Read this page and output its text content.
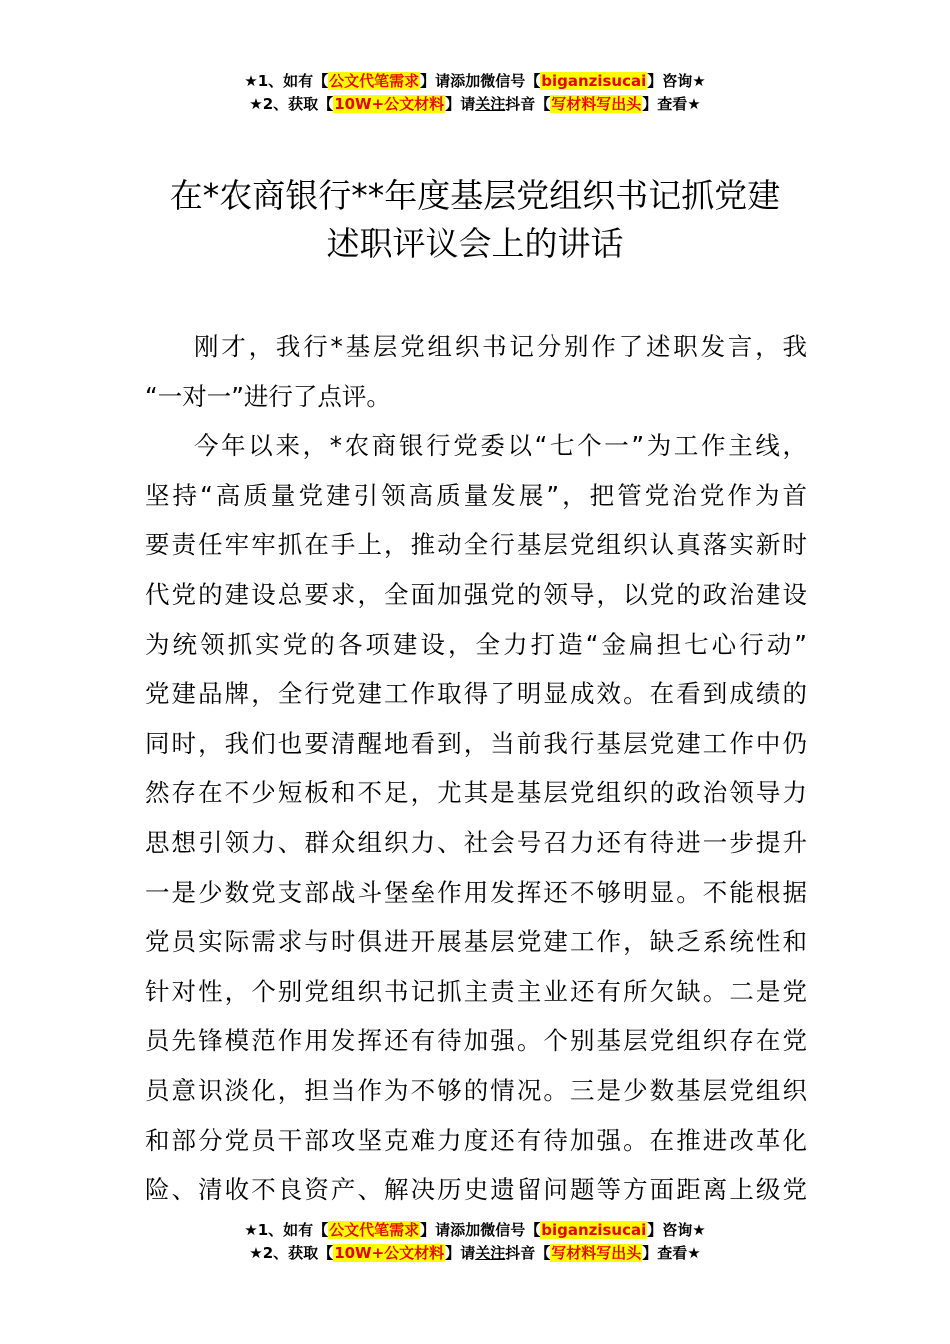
★1、如有【公文代笔需求】请添加微信号【biganzisucai】咨询★
★2、获取【10W+公文材料】请关注抖音【写材料写出头】查看★
在*农商银行**年度基层党组织书记抓党建
述职评议会上的讲话
刚才，我行*基层党组织书记分别作了述职发言，我
“一对一”进行了点评。
今年以来，*农商银行党委以“七个一”为工作主线，
坚持“高质量党建引领高质量发展”，把管党治党作为首
要责任牢牢抓在手上，推动全行基层党组织认真落实新时
代党的建设总要求，全面加强党的领导，以党的政治建设
为统领抓实党的各项建设，全力打造“金扁担七心行动”
党建品牌，全行党建工作取得了明显成效。在看到成绩的
同时，我们也要清醒地看到，当前我行基层党建工作中仍
然存在不少短板和不足，尤其是基层党组织的政治领导力
思想引领力、群众组织力、社会号召力还有待进一步提升
一是少数党支部战斗堡垒作用发挥还不够明显。不能根据
党员实际需求与时俱进开展基层党建工作，缺乏系统性和
针对性，个别党组织书记抓主责主业还有所欠缺。二是党
员先锋模范作用发挥还有待加强。个别基层党组织存在党
员意识淡化，担当作为不够的情况。三是少数基层党组织
和部分党员干部攻坚克难力度还有待加强。在推进改革化
险、清收不良资产、解决历史遗留问题等方面距离上级党
★1、如有【公文代笔需求】请添加微信号【biganzisucai】咨询★
★2、获取【10W+公文材料】请关注抖音【写材料写出头】查看★
